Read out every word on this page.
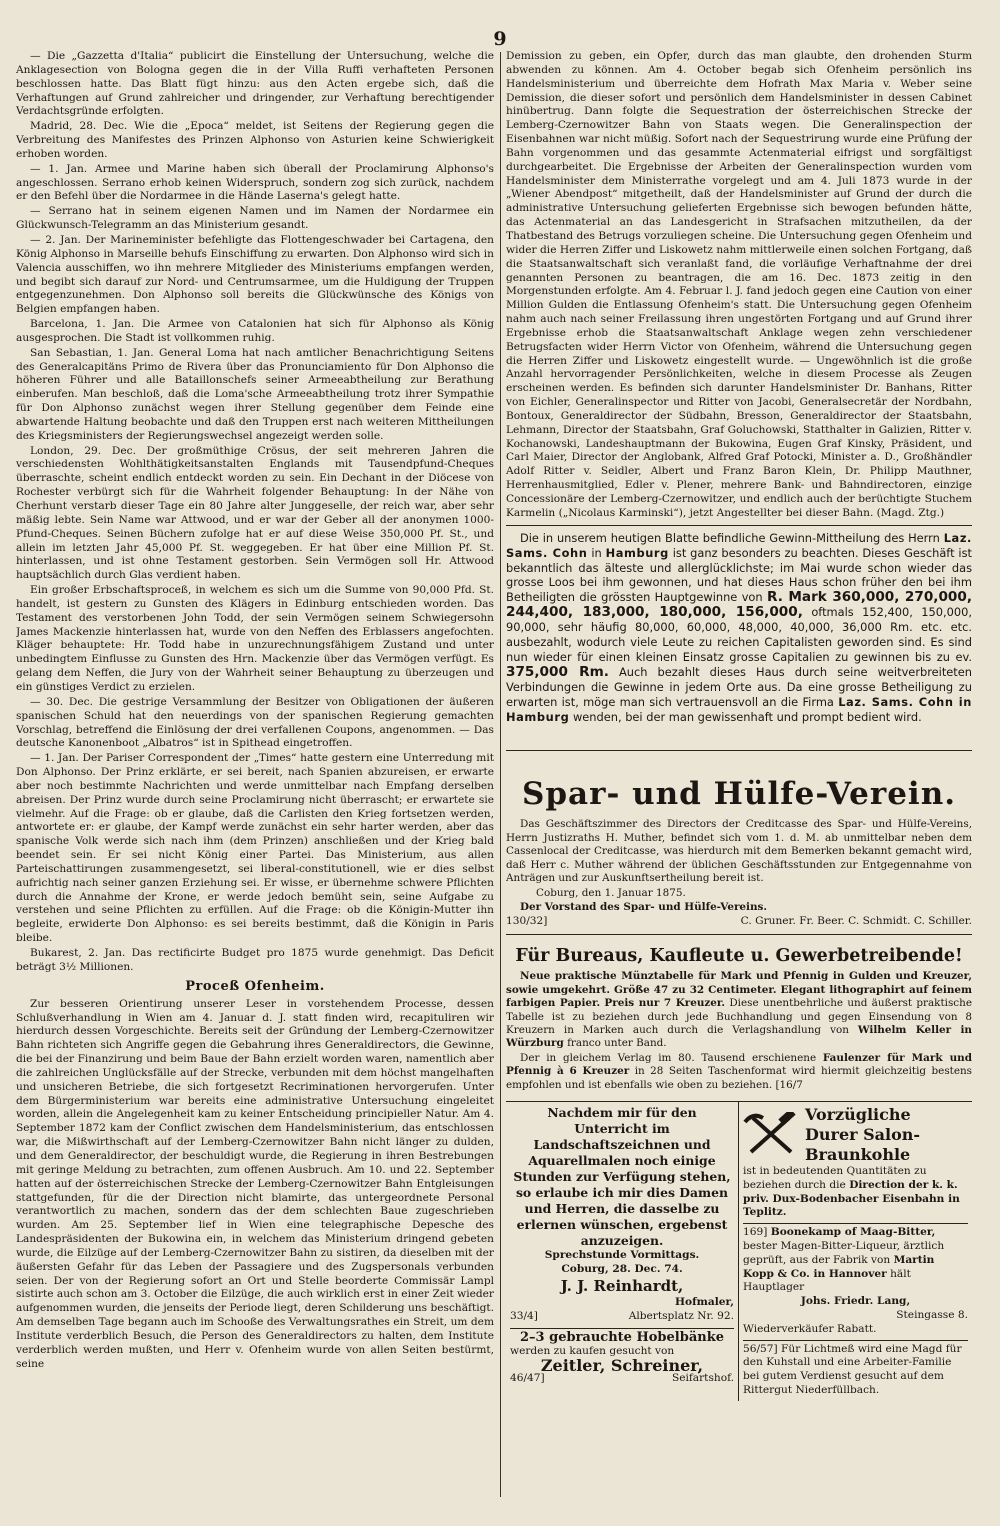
9

— Die „Gazzetta d'Italia“ publicirt die Einstellung der Untersuchung, welche die Anklagesection von Bologna gegen die in der Villa Ruffi verhafteten Personen beschlossen hatte. Das Blatt fügt hinzu: aus den Acten ergebe sich, daß die Verhaftungen auf Grund zahlreicher und dringender, zur Verhaftung berechtigender Verdachtsgründe erfolgten.

Madrid, 28. Dec. Wie die „Epoca“ meldet, ist Seitens der Regierung gegen die Verbreitung des Manifestes des Prinzen Alphonso von Asturien keine Schwierigkeit erhoben worden.

— 1. Jan. Armee und Marine haben sich überall der Proclamirung Alphonso's angeschlossen. Serrano erhob keinen Widerspruch, sondern zog sich zurück, nachdem er den Befehl über die Nordarmee in die Hände Laserna's gelegt hatte.

— Serrano hat in seinem eigenen Namen und im Namen der Nordarmee ein Glückwunsch-Telegramm an das Ministerium gesandt.

— 2. Jan. Der Marineminister befehligte das Flottengeschwader bei Cartagena, den König Alphonso in Marseille behufs Einschiffung zu erwarten. Don Alphonso wird sich in Valencia ausschiffen, wo ihn mehrere Mitglieder des Ministeriums empfangen werden, und begibt sich darauf zur Nord- und Centrumsarmee, um die Huldigung der Truppen entgegenzunehmen. Don Alphonso soll bereits die Glückwünsche des Königs von Belgien empfangen haben.

Barcelona, 1. Jan. Die Armee von Catalonien hat sich für Alphonso als König ausgesprochen. Die Stadt ist vollkommen ruhig.

San Sebastian, 1. Jan. General Loma hat nach amtlicher Benachrichtigung Seitens des Generalcapitäns Primo de Rivera über das Pronunciamiento für Don Alphonso die höheren Führer und alle Bataillonschefs seiner Armeeabtheilung zur Berathung einberufen. Man beschloß, daß die Loma'sche Armeeabtheilung trotz ihrer Sympathie für Don Alphonso zunächst wegen ihrer Stellung gegenüber dem Feinde eine abwartende Haltung beobachte und daß den Truppen erst nach weiteren Mittheilungen des Kriegsministers der Regierungswechsel angezeigt werden solle.

London, 29. Dec. Der großmüthige Crösus, der seit mehreren Jahren die verschiedensten Wohlthätigkeitsanstalten Englands mit Tausendpfund-Cheques überraschte, scheint endlich entdeckt worden zu sein. Ein Dechant in der Diöcese von Rochester verbürgt sich für die Wahrheit folgender Behauptung: In der Nähe von Cherhunt verstarb dieser Tage ein 80 Jahre alter Junggeselle, der reich war, aber sehr mäßig lebte. Sein Name war Attwood, und er war der Geber all der anonymen 1000-Pfund-Cheques. Seinen Büchern zufolge hat er auf diese Weise 350,000 Pf. St., und allein im letzten Jahr 45,000 Pf. St. weggegeben. Er hat über eine Million Pf. St. hinterlassen, und ist ohne Testament gestorben. Sein Vermögen soll Hr. Attwood hauptsächlich durch Glas verdient haben.

Ein großer Erbschaftsproceß, in welchem es sich um die Summe von 90,000 Pfd. St. handelt, ist gestern zu Gunsten des Klägers in Edinburg entschieden worden. Das Testament des verstorbenen John Todd, der sein Vermögen seinem Schwiegersohn James Mackenzie hinterlassen hat, wurde von den Neffen des Erblassers angefochten. Kläger behauptete: Hr. Todd habe in unzurechnungsfähigem Zustand und unter unbedingtem Einflusse zu Gunsten des Hrn. Mackenzie über das Vermögen verfügt. Es gelang dem Neffen, die Jury von der Wahrheit seiner Behauptung zu überzeugen und ein günstiges Verdict zu erzielen.

— 30. Dec. Die gestrige Versammlung der Besitzer von Obligationen der äußeren spanischen Schuld hat den neuerdings von der spanischen Regierung gemachten Vorschlag, betreffend die Einlösung der drei verfallenen Coupons, angenommen. — Das deutsche Kanonenboot „Albatros“ ist in Spithead eingetroffen.

— 1. Jan. Der Pariser Correspondent der „Times“ hatte gestern eine Unterredung mit Don Alphonso. Der Prinz erklärte, er sei bereit, nach Spanien abzureisen, er erwarte aber noch bestimmte Nachrichten und werde unmittelbar nach Empfang derselben abreisen. Der Prinz wurde durch seine Proclamirung nicht überrascht; er erwartete sie vielmehr. Auf die Frage: ob er glaube, daß die Carlisten den Krieg fortsetzen werden, antwortete er: er glaube, der Kampf werde zunächst ein sehr harter werden, aber das spanische Volk werde sich nach ihm (dem Prinzen) anschließen und der Krieg bald beendet sein. Er sei nicht König einer Partei. Das Ministerium, aus allen Parteischattirungen zusammengesetzt, sei liberal-constitutionell, wie er dies selbst aufrichtig nach seiner ganzen Erziehung sei. Er wisse, er übernehme schwere Pflichten durch die Annahme der Krone, er werde jedoch bemüht sein, seine Aufgabe zu verstehen und seine Pflichten zu erfüllen. Auf die Frage: ob die Königin-Mutter ihn begleite, erwiderte Don Alphonso: es sei bereits bestimmt, daß die Königin in Paris bleibe.

Bukarest, 2. Jan. Das rectificirte Budget pro 1875 wurde genehmigt. Das Deficit beträgt 3½ Millionen.

Proceß Ofenheim.

Zur besseren Orientirung unserer Leser in vorstehendem Processe, dessen Schlußverhandlung in Wien am 4. Januar d. J. statt finden wird, recapituliren wir hierdurch dessen Vorgeschichte. Bereits seit der Gründung der Lemberg-Czernowitzer Bahn richteten sich Angriffe gegen die Gebahrung ihres Generaldirectors, die Gewinne, die bei der Finanzirung und beim Baue der Bahn erzielt worden waren, namentlich aber die zahlreichen Unglücksfälle auf der Strecke, verbunden mit dem höchst mangelhaften und unsicheren Betriebe, die sich fortgesetzt Recriminationen hervorgerufen. Unter dem Bürgerministerium war bereits eine administrative Untersuchung eingeleitet worden, allein die Angelegenheit kam zu keiner Entscheidung principieller Natur. Am 4. September 1872 kam der Conflict zwischen dem Handelsministerium, das entschlossen war, die Mißwirthschaft auf der Lemberg-Czernowitzer Bahn nicht länger zu dulden, und dem Generaldirector, der beschuldigt wurde, die Regierung in ihren Bestrebungen mit geringe Meldung zu betrachten, zum offenen Ausbruch. Am 10. und 22. September hatten auf der österreichischen Strecke der Lemberg-Czernowitzer Bahn Entgleisungen stattgefunden, für die der Direction nicht blamirte, das untergeordnete Personal verantwortlich zu machen, sondern das der dem schlechten Baue zugeschrieben wurden. Am 25. September lief in Wien eine telegraphische Depesche des Landespräsidenten der Bukowina ein, in welchem das Ministerium dringend gebeten wurde, die Eilzüge auf der Lemberg-Czernowitzer Bahn zu sistiren, da dieselben mit der äußersten Gefahr für das Leben der Passagiere und des Zugspersonals verbunden seien. Der von der Regierung sofort an Ort und Stelle beorderte Commissär Lampl sistirte auch schon am 3. October die Eilzüge, die auch wirklich erst in einer Zeit wieder aufgenommen wurden, die jenseits der Periode liegt, deren Schilderung uns beschäftigt. Am demselben Tage begann auch im Schooße des Verwaltungsrathes ein Streit, um dem Institute verderblich Besuch, die Person des Generaldirectors zu halten, dem Institute verderblich werden mußten, und Herr v. Ofenheim wurde von allen Seiten bestürmt, seine

Demission zu geben, ein Opfer, durch das man glaubte, den drohenden Sturm abwenden zu können. Am 4. October begab sich Ofenheim persönlich ins Handelsministerium und überreichte dem Hofrath Max Maria v. Weber seine Demission, die dieser sofort und persönlich dem Handelsminister in dessen Cabinet hinübertrug. Dann folgte die Sequestration der österreichischen Strecke der Lemberg-Czernowitzer Bahn von Staats wegen. Die Generalinspection der Eisenbahnen war nicht müßig. Sofort nach der Sequestrirung wurde eine Prüfung der Bahn vorgenommen und das gesammte Actenmaterial eifrigst und sorgfältigst durchgearbeitet. Die Ergebnisse der Arbeiten der Generalinspection wurden vom Handelsminister dem Ministerrathe vorgelegt und am 4. Juli 1873 wurde in der „Wiener Abendpost“ mitgetheilt, daß der Handelsminister auf Grund der durch die administrative Untersuchung gelieferten Ergebnisse sich bewogen befunden hätte, das Actenmaterial an das Landesgericht in Strafsachen mitzutheilen, da der Thatbestand des Betrugs vorzuliegen scheine. Die Untersuchung gegen Ofenheim und wider die Herren Ziffer und Liskowetz nahm mittlerweile einen solchen Fortgang, daß die Staatsanwaltschaft sich veranlaßt fand, die vorläufige Verhaftnahme der drei genannten Personen zu beantragen, die am 16. Dec. 1873 zeitig in den Morgenstunden erfolgte. Am 4. Februar l. J. fand jedoch gegen eine Caution von einer Million Gulden die Entlassung Ofenheim's statt. Die Untersuchung gegen Ofenheim nahm auch nach seiner Freilassung ihren ungestörten Fortgang und auf Grund ihrer Ergebnisse erhob die Staatsanwaltschaft Anklage wegen zehn verschiedener Betrugsfacten wider Herrn Victor von Ofenheim, während die Untersuchung gegen die Herren Ziffer und Liskowetz eingestellt wurde. — Ungewöhnlich ist die große Anzahl hervorragender Persönlichkeiten, welche in diesem Processe als Zeugen erscheinen werden. Es befinden sich darunter Handelsminister Dr. Banhans, Ritter von Eichler, Generalinspector und Ritter von Jacobi, Generalsecretär der Nordbahn, Bontoux, Generaldirector der Südbahn, Bresson, Generaldirector der Staatsbahn, Lehmann, Director der Staatsbahn, Graf Goluchowski, Statthalter in Galizien, Ritter v. Kochanowski, Landeshauptmann der Bukowina, Eugen Graf Kinsky, Präsident, und Carl Maier, Director der Anglobank, Alfred Graf Potocki, Minister a. D., Großhändler Adolf Ritter v. Seidler, Albert und Franz Baron Klein, Dr. Philipp Mauthner, Herrenhausmitglied, Edler v. Plener, mehrere Bank- und Bahndirectoren, einzige Concessionäre der Lemberg-Czernowitzer, und endlich auch der berüchtigte Stuchem Karmelin („Nicolaus Karminski“), jetzt Angestellter bei dieser Bahn. (Magd. Ztg.)

Die in unserem heutigen Blatte befindliche Gewinn-Mittheilung des Herrn Laz. Sams. Cohn in Hamburg ist ganz besonders zu beachten. Dieses Geschäft ist bekanntlich das älteste und allerglücklichste; im Mai wurde schon wieder das grosse Loos bei ihm gewonnen, und hat dieses Haus schon früher den bei ihm Betheiligten die grössten Hauptgewinne von R. Mark 360,000, 270,000, 244,400, 183,000, 180,000, 156,000, oftmals 152,400, 150,000, 90,000, sehr häufig 80,000, 60,000, 48,000, 40,000, 36,000 Rm. etc. etc. ausbezahlt, wodurch viele Leute zu reichen Capitalisten geworden sind. Es sind nun wieder für einen kleinen Einsatz grosse Capitalien zu gewinnen bis zu ev. 375,000 Rm. Auch bezahlt dieses Haus durch seine weitverbreiteten Verbindungen die Gewinne in jedem Orte aus. Da eine grosse Betheiligung zu erwarten ist, möge man sich vertrauensvoll an die Firma Laz. Sams. Cohn in Hamburg wenden, bei der man gewissenhaft und prompt bedient wird.

Spar- und Hülfe-Verein.

Das Geschäftszimmer des Directors der Creditcasse des Spar- und Hülfe-Vereins, Herrn Justizraths H. Muther, befindet sich vom 1. d. M. ab unmittelbar neben dem Cassenlocal der Creditcasse, was hierdurch mit dem Bemerken bekannt gemacht wird, daß Herr c. Muther während der üblichen Geschäftsstunden zur Entgegennahme von Anträgen und zur Auskunftsertheilung bereit ist.

Coburg, den 1. Januar 1875.

Der Vorstand des Spar- und Hülfe-Vereins.

130/32]	C. Gruner. Fr. Beer. C. Schmidt. C. Schiller.
Für Bureaus, Kaufleute u. Gewerbetreibende!

Neue praktische Münztabelle für Mark und Pfennig in Gulden und Kreuzer, sowie umgekehrt. Größe 47 zu 32 Centimeter. Elegant lithographirt auf feinem farbigen Papier. Preis nur 7 Kreuzer. Diese unentbehrliche und äußerst praktische Tabelle ist zu beziehen durch jede Buchhandlung und gegen Einsendung von 8 Kreuzern in Marken auch durch die Verlagshandlung von Wilhelm Keller in Würzburg franco unter Band.

Der in gleichem Verlag im 80. Tausend erschienene Faulenzer für Mark und Pfennig à 6 Kreuzer in 28 Seiten Taschenformat wird hiermit gleichzeitig bestens empfohlen und ist ebenfalls wie oben zu beziehen. [16/7

Nachdem mir für den Unterricht im Landschaftszeichnen und Aquarellmalen noch einige Stunden zur Verfügung stehen, so erlaube ich mir dies Damen und Herren, die dasselbe zu erlernen wünschen, ergebenst anzuzeigen.
Sprechstunde Vormittags.
Coburg, 28. Dec. 74.
J. J. Reinhardt,
Hofmaler,
33/4]	Albertsplatz Nr. 92.
2–3 gebrauchte Hobelbänke
werden zu kaufen gesucht von
Zeitler, Schreiner,
46/47]	Seifartshof.
Vorzügliche Durer Salon-Braunkohle
ist in bedeutenden Quantitäten zu beziehen durch die Direction der k. k. priv. Dux-Bodenbacher Eisenbahn in Teplitz.
169] Boonekamp of Maag-Bitter, bester Magen-Bitter-Liqueur, ärztlich geprüft, aus der Fabrik von Martin Kopp & Co. in Hannover hält Hauptlager
Johs. Friedr. Lang,
Steingasse 8.
Wiederverkäufer Rabatt.
56/57] Für Lichtmeß wird eine Magd für den Kuhstall und eine Arbeiter-Familie bei gutem Verdienst gesucht auf dem Rittergut Niederfüllbach.
